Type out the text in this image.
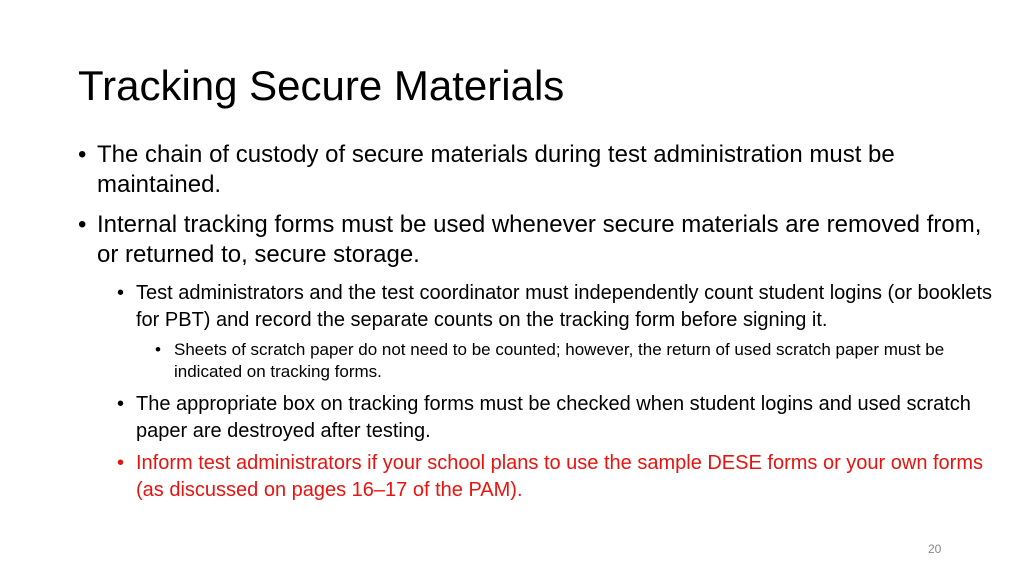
Tracking Secure Materials

• The chain of custody of secure materials during test administration must be maintained.

• Internal tracking forms must be used whenever secure materials are removed from, or returned to, secure storage.

• Test administrators and the test coordinator must independently count student logins (or booklets for PBT) and record the separate counts on the tracking form before signing it.

• Sheets of scratch paper do not need to be counted; however, the return of used scratch paper must be indicated on tracking forms.

• The appropriate box on tracking forms must be checked when student logins and used scratch paper are destroyed after testing.

• Inform test administrators if your school plans to use the sample DESE forms or your own forms (as discussed on pages 16–17 of the PAM).

20
